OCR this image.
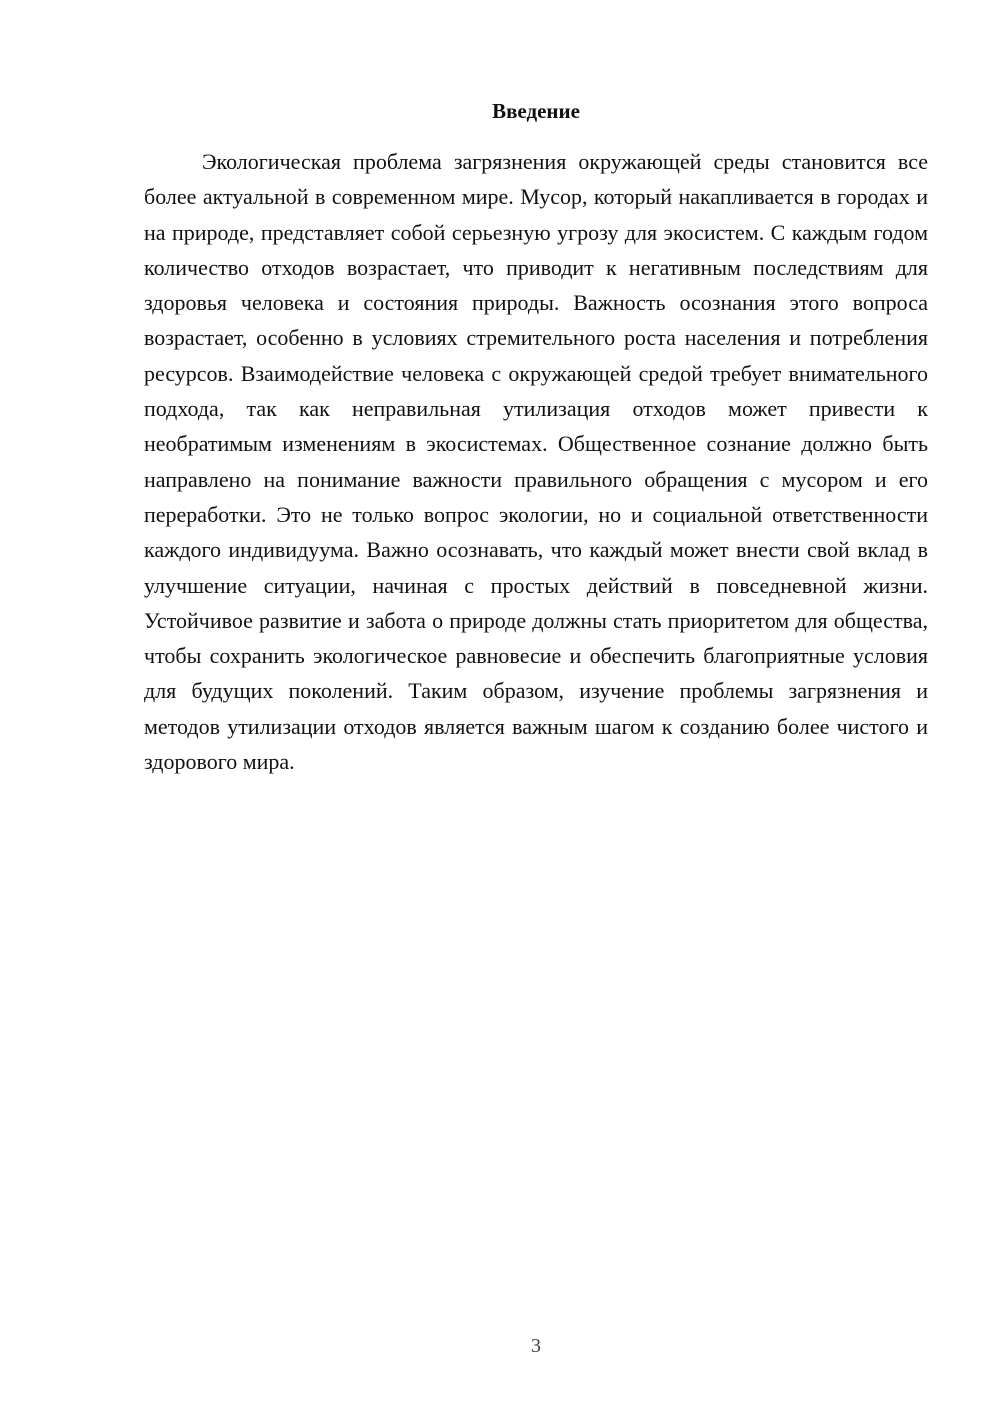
Введение

Экологическая проблема загрязнения окружающей среды становится все более актуальной в современном мире. Мусор, который накапливается в городах и на природе, представляет собой серьезную угрозу для экосистем. С каждым годом количество отходов возрастает, что приводит к негативным последствиям для здоровья человека и состояния природы. Важность осознания этого вопроса возрастает, особенно в условиях стремительного роста населения и потребления ресурсов. Взаимодействие человека с окружающей средой требует внимательного подхода, так как неправильная утилизация отходов может привести к необратимым изменениям в экосистемах. Общественное сознание должно быть направлено на понимание важности правильного обращения с мусором и его переработки. Это не только вопрос экологии, но и социальной ответственности каждого индивидуума. Важно осознавать, что каждый может внести свой вклад в улучшение ситуации, начиная с простых действий в повседневной жизни. Устойчивое развитие и забота о природе должны стать приоритетом для общества, чтобы сохранить экологическое равновесие и обеспечить благоприятные условия для будущих поколений. Таким образом, изучение проблемы загрязнения и методов утилизации отходов является важным шагом к созданию более чистого и здорового мира.

3
